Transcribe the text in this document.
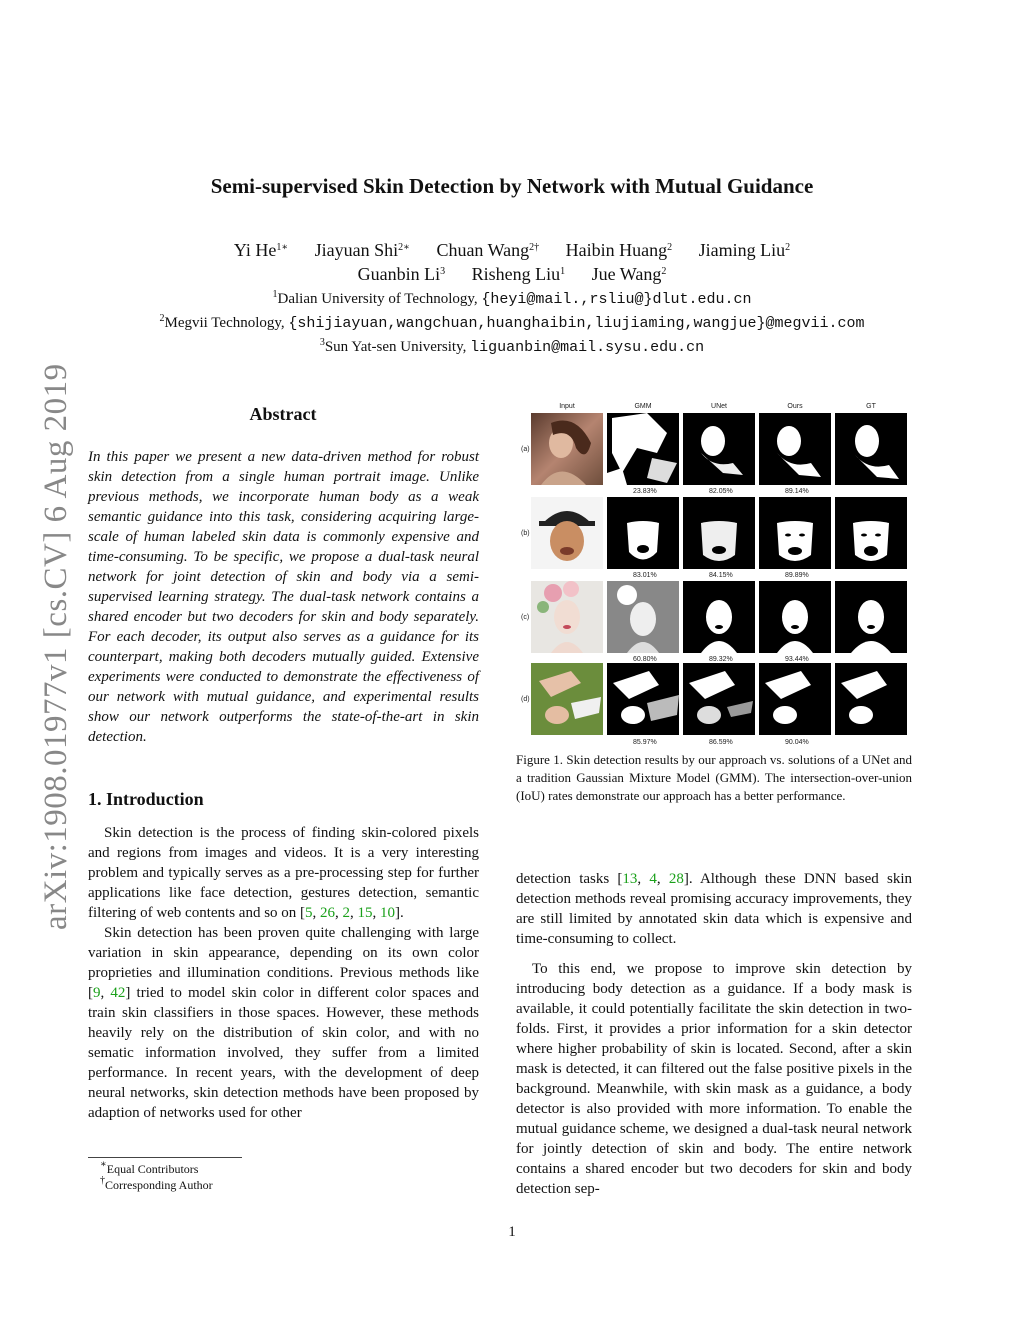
arXiv:1908.01977v1 [cs.CV] 6 Aug 2019
Semi-supervised Skin Detection by Network with Mutual Guidance
Yi $He^{1∗}$ Jiayuan Shi$^{2∗}$ Chuan Wang$^{2\dagger}$ Haibin Huang$^2$ Jiaming Liu$^2$
Guanbin Li$^3$ Risheng Liu$^1$ Jue Wang$^2$
$^1$Dalian University of Technology, {heyi@mail.,rsliu@}dlut.edu.cn
$^2$Megvii Technology, {shijiayuan,wangchuan,huanghaibin,liujiaming,wangjue}@megvii.com
$^3$Sun Yat-sen University, liguanbin@mail.sysu.edu.cn
Abstract
In this paper we present a new data-driven method for robust skin detection from a single human portrait image. Unlike previous methods, we incorporate human body as a weak semantic guidance into this task, considering acquiring large-scale of human labeled skin data is commonly expensive and time-consuming. To be specific, we propose a dual-task neural network for joint detection of skin and body via a semi-supervised learning strategy. The dual-task network contains a shared encoder but two decoders for skin and body separately. For each decoder, its output also serves as a guidance for its counterpart, making both decoders mutually guided. Extensive experiments were conducted to demonstrate the effectiveness of our network with mutual guidance, and experimental results show our network outperforms the state-of-the-art in skin detection.
1. Introduction

Skin detection is the process of finding skin-colored pixels and regions from images and videos. It is a very interesting problem and typically serves as a pre-processing step for further applications like face detection, gestures detection, semantic filtering of web contents and so on [5, 26, 2, 15, 10].

Skin detection has been proven quite challenging with large variation in skin appearance, depending on its own color proprieties and illumination conditions. Previous methods like [9, 42] tried to model skin color in different color spaces and train skin classifiers in those spaces. However, these methods heavily rely on the distribution of skin color, and with no sematic information involved, they suffer from a limited performance. In recent years, with the development of deep neural networks, skin detection methods have been proposed by adaption of networks used for other

∗Equal Contributors
†Corresponding Author
Input	GMM	UNet	Ours	GT
(a)
23.83%	82.05%	89.14%
(b)
83.01%	84.15%	89.89%
(c)
60.80%	89.32%	93.44%
(d)
85.97%	86.59%	90.04%
Figure 1. Skin detection results by our approach vs. solutions of a UNet and a tradition Gaussian Mixture Model (GMM). The intersection-over-union (IoU) rates demonstrate our approach has a better performance.

detection tasks [13, 4, 28]. Although these DNN based skin detection methods reveal promising accuracy improvements, they are still limited by annotated skin data which is expensive and time-consuming to collect.

To this end, we propose to improve skin detection by introducing body detection as a guidance. If a body mask is available, it could potentially facilitate the skin detection in two-folds. First, it provides a prior information for a skin detector where higher probability of skin is located. Second, after a skin mask is detected, it can filtered out the false positive pixels in the background. Meanwhile, with skin mask as a guidance, a body detector is also provided with more information. To enable the mutual guidance scheme, we designed a dual-task neural network for jointly detection of skin and body. The entire network contains a shared encoder but two decoders for skin and body detection sep-

1
